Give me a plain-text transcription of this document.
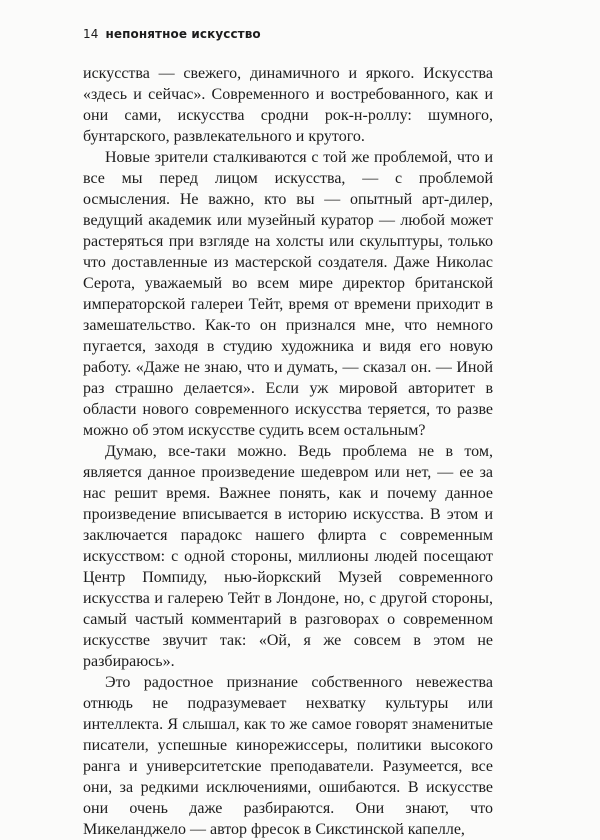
14 непонятное искусство

искусства — свежего, динамичного и яркого. Искусства «здесь и сейчас». Современного и востребованного, как и они сами, искусства сродни рок-н-роллу: шумного, бунтарского, развлекательного и крутого.

Новые зрители сталкиваются с той же проблемой, что и все мы перед лицом искусства, — с проблемой осмысления. Не важно, кто вы — опытный арт-дилер, ведущий академик или музейный куратор — любой может растеряться при взгляде на холсты или скульптуры, только что доставленные из мастерской создателя. Даже Николас Серота, уважаемый во всем мире директор британской императорской галереи Тейт, время от времени приходит в замешательство. Как-то он признался мне, что немного пугается, заходя в студию художника и видя его новую работу. «Даже не знаю, что и думать, — сказал он. — Иной раз страшно делается». Если уж мировой авторитет в области нового современного искусства теряется, то разве можно об этом искусстве судить всем остальным?

Думаю, все-таки можно. Ведь проблема не в том, является данное произведение шедевром или нет, — ее за нас решит время. Важнее понять, как и почему данное произведение вписывается в историю искусства. В этом и заключается парадокс нашего флирта с современным искусством: с одной стороны, миллионы людей посещают Центр Помпиду, нью-йоркский Музей современного искусства и галерею Тейт в Лондоне, но, с другой стороны, самый частый комментарий в разговорах о современном искусстве звучит так: «Ой, я же совсем в этом не разбираюсь».

Это радостное признание собственного невежества отнюдь не подразумевает нехватку культуры или интеллекта. Я слышал, как то же самое говорят знаменитые писатели, успешные кинорежиссеры, политики высокого ранга и университетские преподаватели. Разумеется, все они, за редкими исключениями, ошибаются. В искусстве они очень даже разбираются. Они знают, что Микеланджело — автор фресок в Сикстинской капелле,
